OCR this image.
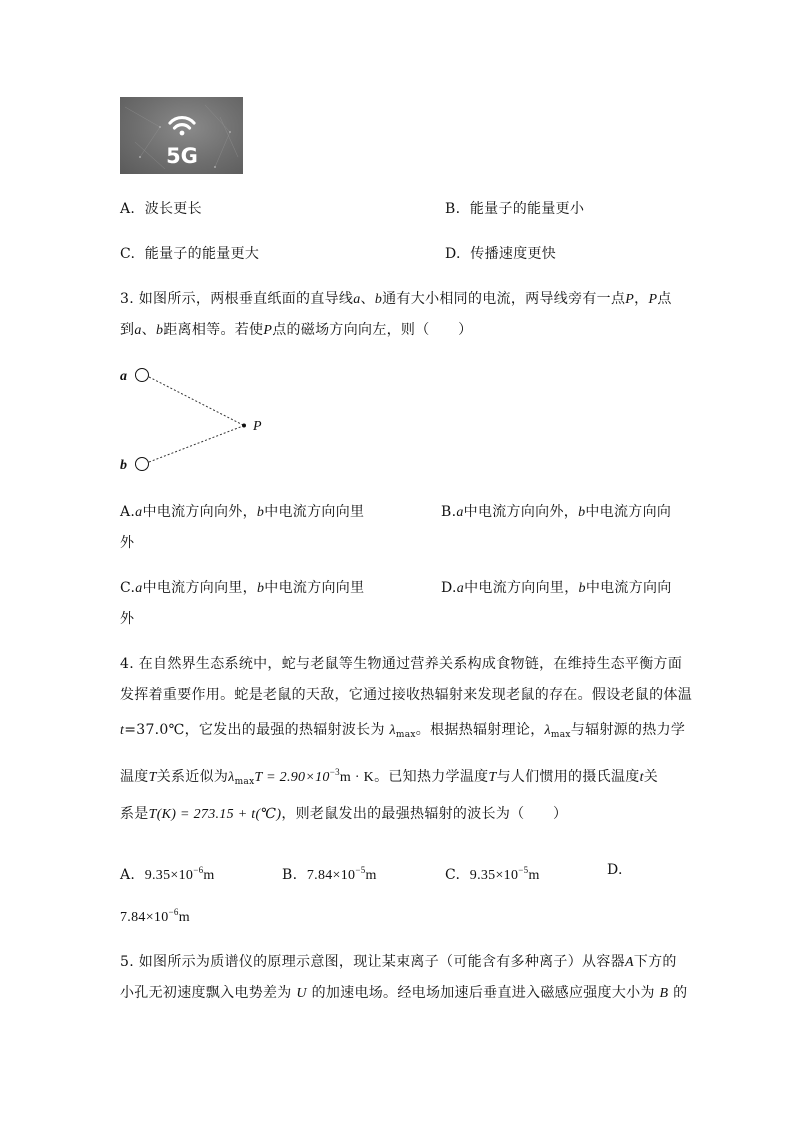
5G
A. 波长更长	B. 能量子的能量更小
C. 能量子的能量更大	D. 传播速度更快
3. 如图所示，两根垂直纸面的直导线a、b通有大小相同的电流，两导线旁有一点P，P点
到a、b距离相等。若使P点的磁场方向向左，则（　　）
a
b
P
A.a中电流方向向外，b中电流方向向里	B.a中电流方向向外，b中电流方向向
外
C.a中电流方向向里，b中电流方向向里	D.a中电流方向向里，b中电流方向向
外
4. 在自然界生态系统中，蛇与老鼠等生物通过营养关系构成食物链，在维持生态平衡方面
发挥着重要作用。蛇是老鼠的天敌，它通过接收热辐射来发现老鼠的存在。假设老鼠的体温
t=37.0℃，它发出的最强的热辐射波长为 $\lambda_{max}$。根据热辐射理论，$\lambda_{max}$与辐射源的热力学
温度T关系近似为$\lambda_{max}T = 2.90\times 10^{-3}m \cdot K$。已知热力学温度T与人们惯用的摄氏温度t关
系是T(K) = 273.15 + t(℃)，则老鼠发出的最强热辐射的波长为（　　）
A. $9.35\times 10^{-6}m$	B. $7.84\times 10^{-5}m$	C. $9.35\times 10^{-5}m$	D.
$7.84\times 10^{-6}m$
5. 如图所示为质谱仪的原理示意图，现让某束离子（可能含有多种离子）从容器A下方的
小孔无初速度飘入电势差为 U 的加速电场。经电场加速后垂直进入磁感应强度大小为 B 的
